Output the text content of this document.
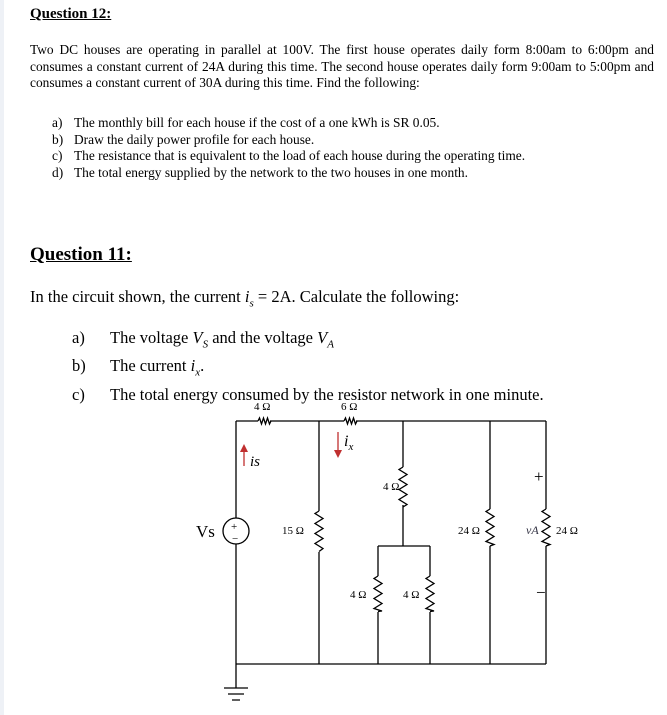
Question 12:
Two DC houses are operating in parallel at 100V. The first house operates daily form 8:00am to 6:00pm and consumes a constant current of 24A during this time. The second house operates daily form 9:00am to 5:00pm and consumes a constant current of 30A during this time. Find the following:
a) The monthly bill for each house if the cost of a one kWh is SR 0.05.
b) Draw the daily power profile for each house.
c) The resistance that is equivalent to the load of each house during the operating time.
d) The total energy supplied by the network to the two houses in one month.
Question 11:
In the circuit shown, the current $i_s = 2A$. Calculate the following:
a)	The voltage $V_S$ and the voltage $V_A$
b)	The current $i_x$.
c)	The total energy consumed by the resistor network in one minute.
4 Ω	6 Ω
15 Ω
4 Ω
24 Ω	24 Ω
4 Ω	4 Ω
Vs +
−
is
$i_x$
vA
+
−
